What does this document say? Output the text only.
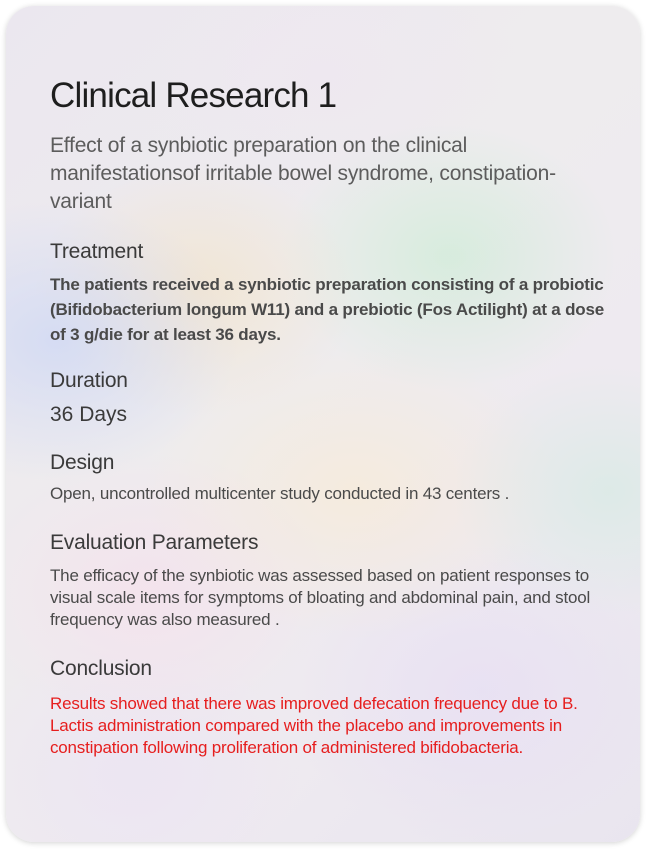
Clinical Research 1
Effect of a synbiotic preparation on the clinical manifestationsof irritable bowel syndrome, constipation-variant
Treatment
The patients received a synbiotic preparation consisting of a probiotic (Bifidobacterium longum W11) and a prebiotic (Fos Actilight) at a dose of 3 g/die for at least 36 days.
Duration
36 Days
Design
Open, uncontrolled multicenter study conducted in 43 centers .
Evaluation Parameters
The efficacy of the synbiotic was assessed based on patient responses to visual scale items for symptoms of bloating and abdominal pain, and stool frequency was also measured .
Conclusion
Results showed that there was improved defecation frequency due to B. Lactis administration compared with the placebo and improvements in constipation following proliferation of administered bifidobacteria.
